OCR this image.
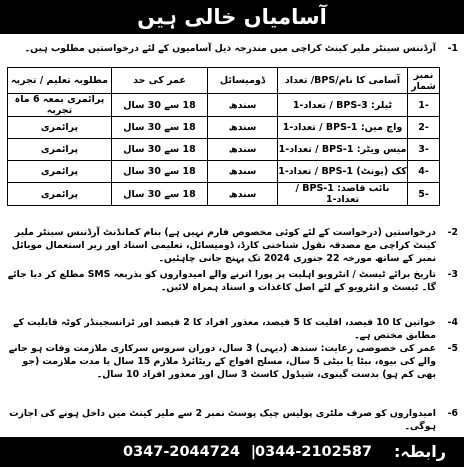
آسامیاں خالی ہیں
-1
آرڈننس سینٹر ملیر کینٹ کراچی میں مندرجہ ذیل آسامیوں کے لئے درخواستیں مطلوب ہیں۔
نمبر شمار	آسامی کا نام/BPS/ تعداد	ڈومیسائل	عمر کی حد	مطلوبہ تعلیم / تجربہ
-1	ٹیلر: BPS-3 / تعداد-1	سندھ	18 سے 30 سال	پرائمری بمعہ 6 ماہ تجربہ
-2	واچ مین: BPS-1 / تعداد-1	سندھ	18 سے 30 سال	پرائمری
-3	میس ویٹر: BPS-1 / تعداد-1	سندھ	18 سے 30 سال	پرائمری
-4	کک (یونٹ) BPS-1 / تعداد-1	سندھ	18 سے 30 سال	پرائمری
-5	نائب قاصد: BPS-1 / تعداد-1	سندھ	18 سے 30 سال	پرائمری
-2
درخواستیں (درخواست کے لئے کوئی مخصوص فارم نہیں ہے) بنام کمانڈنٹ آرڈننس سینٹر ملیر کینٹ کراچی مع مصدقہ نقول شناختی کارڈ، ڈومیسائل، تعلیمی اسناد اور زیر استعمال موبائل نمبر کے ساتھ مورخہ 22 جنوری 2024 تک پہنچ جانی چاہئیں۔
-3
تاریخ برائے ٹیسٹ / انٹرویو اہلیت پر پورا اترنے والے امیدواروں کو بذریعہ SMS مطلع کر دیا جائے گا۔ ٹیسٹ و انٹرویو کے لئے اصل کاغذات و اسناد ہمراہ لائیں۔
-4
خواتین کا 10 فیصد، اقلیت کا 5 فیصد، معذور افراد کا 2 فیصد اور ٹرانسجینڈر کوٹہ قابلیت کے مطابق مختص ہے۔
-5
عمر کی خصوصی رعایت: سندھ (دیہی) 3 سال، دوران سروس سرکاری ملازمت وفات ہو جانے والے کی بیوہ، بیٹا یا بیٹی 5 سال، مسلح افواج کے ریٹائرڈ ملازم 15 سال یا مدت ملازمت (جو بھی کم ہو) بدست گینوی، شیڈول کاسٹ 3 سال اور معذور افراد 10 سال۔
-6
امیدواروں کو صرف ملٹری پولیس چیک پوسٹ نمبر 2 سے ملیر کینٹ میں داخل ہونے کی اجازت ہوگی۔
رابطہ:
0344-2102587
|
0347-2044724
